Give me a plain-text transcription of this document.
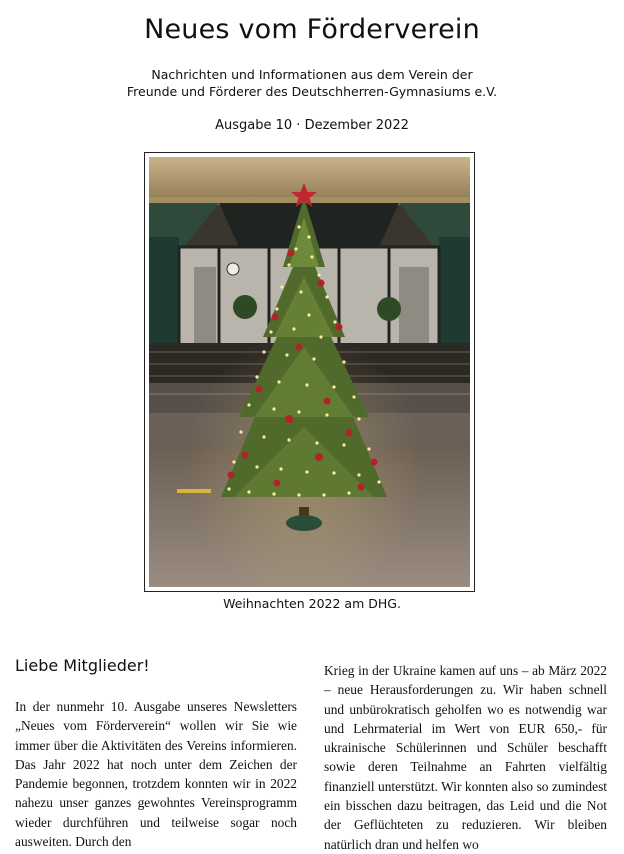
Neues vom Förderverein
Nachrichten und Informationen aus dem Verein der
Freunde und Förderer des Deutschherren-Gymnasiums e.V.
Ausgabe 10 · Dezember 2022
Weihnachten 2022 am DHG.
Liebe Mitglieder!

In der nunmehr 10. Ausgabe unseres Newsletters „Neues vom Förderverein“ wollen wir Sie wie immer über die Aktivitäten des Vereins informieren. Das Jahr 2022 hat noch unter dem Zeichen der Pandemie begonnen, trotzdem konnten wir in 2022 nahezu unser ganzes gewohntes Vereinsprogramm wieder durchführen und teilweise sogar noch ausweiten. Durch den

Krieg in der Ukraine kamen auf uns – ab März 2022 – neue Herausforderungen zu. Wir haben schnell und unbürokratisch geholfen wo es notwendig war und Lehrmaterial im Wert von EUR 650,- für ukrainische Schülerinnen und Schüler beschafft sowie deren Teilnahme an Fahrten vielfältig finanziell unterstützt. Wir konnten also so zumindest ein bisschen dazu beitragen, das Leid und die Not der Geflüchteten zu reduzieren. Wir bleiben natürlich dran und helfen wo
